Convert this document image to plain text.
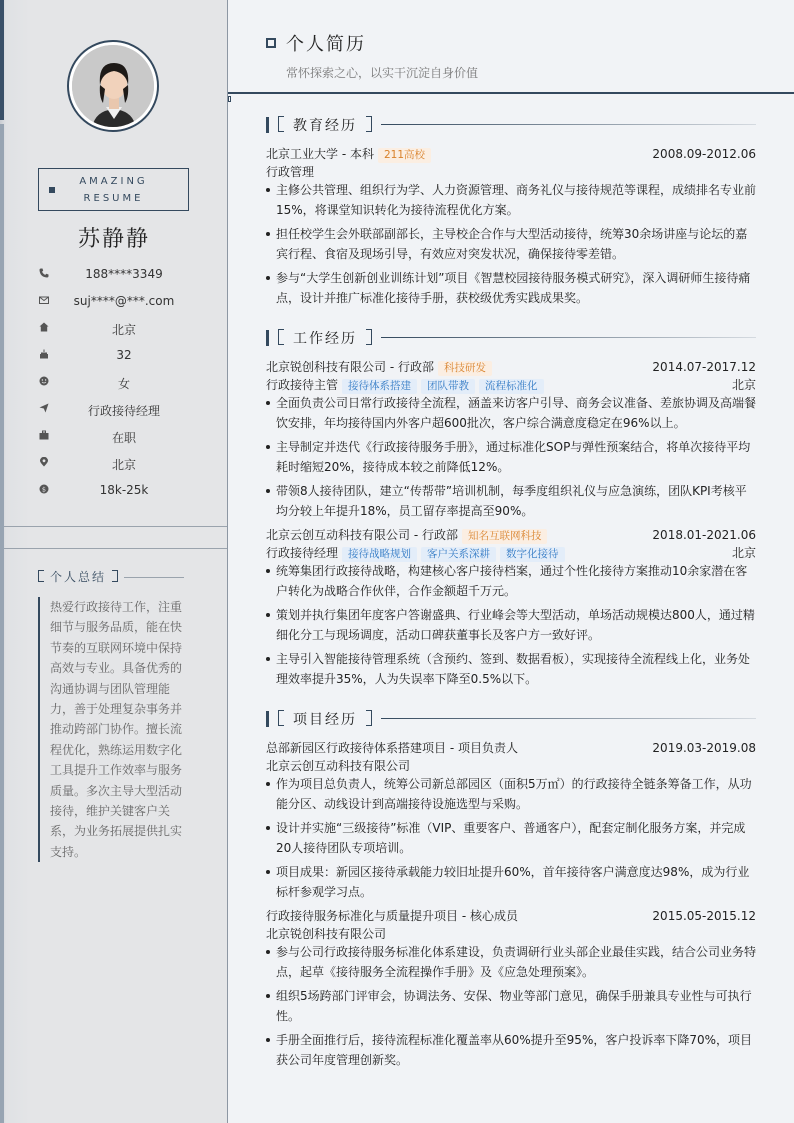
AMAZING
RESUME
苏静静
188****3349
suj****@***.com
北京
32
女
行政接待经理
在职
北京
$	18k-25k
个人总结
热爱行政接待工作，注重细节与服务品质，能在快节奏的互联网环境中保持高效与专业。具备优秀的沟通协调与团队管理能力，善于处理复杂事务并推动跨部门协作。擅长流程优化，熟练运用数字化工具提升工作效率与服务质量。多次主导大型活动接待，维护关键客户关系，为业务拓展提供扎实支持。
个人简历
常怀探索之心，以实干沉淀自身价值
教育经历
北京工业大学 - 本科 211高校	2008.09-2012.06
行政管理
主修公共管理、组织行为学、人力资源管理、商务礼仪与接待规范等课程，成绩排名专业前15%，将课堂知识转化为接待流程优化方案。
担任校学生会外联部副部长，主导校企合作与大型活动接待，统筹30余场讲座与论坛的嘉宾行程、食宿及现场引导，有效应对突发状况，确保接待零差错。
参与“大学生创新创业训练计划”项目《智慧校园接待服务模式研究》，深入调研师生接待痛点，设计并推广标准化接待手册，获校级优秀实践成果奖。
工作经历
北京锐创科技有限公司 - 行政部 科技研发	2014.07-2017.12
行政接待主管 接待体系搭建 团队带教 流程标准化	北京
全面负责公司日常行政接待全流程，涵盖来访客户引导、商务会议准备、差旅协调及高端餐饮安排，年均接待国内外客户超600批次，客户综合满意度稳定在96%以上。
主导制定并迭代《行政接待服务手册》，通过标准化SOP与弹性预案结合，将单次接待平均耗时缩短20%，接待成本较之前降低12%。
带领8人接待团队，建立“传帮带”培训机制，每季度组织礼仪与应急演练，团队KPI考核平均分较上年提升18%，员工留存率提高至90%。
北京云创互动科技有限公司 - 行政部 知名互联网科技	2018.01-2021.06
行政接待经理 接待战略规划 客户关系深耕 数字化接待	北京
统筹集团行政接待战略，构建核心客户接待档案，通过个性化接待方案推动10余家潜在客户转化为战略合作伙伴，合作金额超千万元。
策划并执行集团年度客户答谢盛典、行业峰会等大型活动，单场活动规模达800人，通过精细化分工与现场调度，活动口碑获董事长及客户方一致好评。
主导引入智能接待管理系统（含预约、签到、数据看板），实现接待全流程线上化，业务处理效率提升35%，人为失误率下降至0.5%以下。
项目经历
总部新园区行政接待体系搭建项目 - 项目负责人	2019.03-2019.08
北京云创互动科技有限公司
作为项目总负责人，统筹公司新总部园区（面积5万㎡）的行政接待全链条筹备工作，从功能分区、动线设计到高端接待设施选型与采购。
设计并实施“三级接待”标准（VIP、重要客户、普通客户），配套定制化服务方案，并完成20人接待团队专项培训。
项目成果：新园区接待承载能力较旧址提升60%，首年接待客户满意度达98%，成为行业标杆参观学习点。
行政接待服务标准化与质量提升项目 - 核心成员	2015.05-2015.12
北京锐创科技有限公司
参与公司行政接待服务标准化体系建设，负责调研行业头部企业最佳实践，结合公司业务特点，起草《接待服务全流程操作手册》及《应急处理预案》。
组织5场跨部门评审会，协调法务、安保、物业等部门意见，确保手册兼具专业性与可执行性。
手册全面推行后，接待流程标准化覆盖率从60%提升至95%，客户投诉率下降70%，项目获公司年度管理创新奖。
